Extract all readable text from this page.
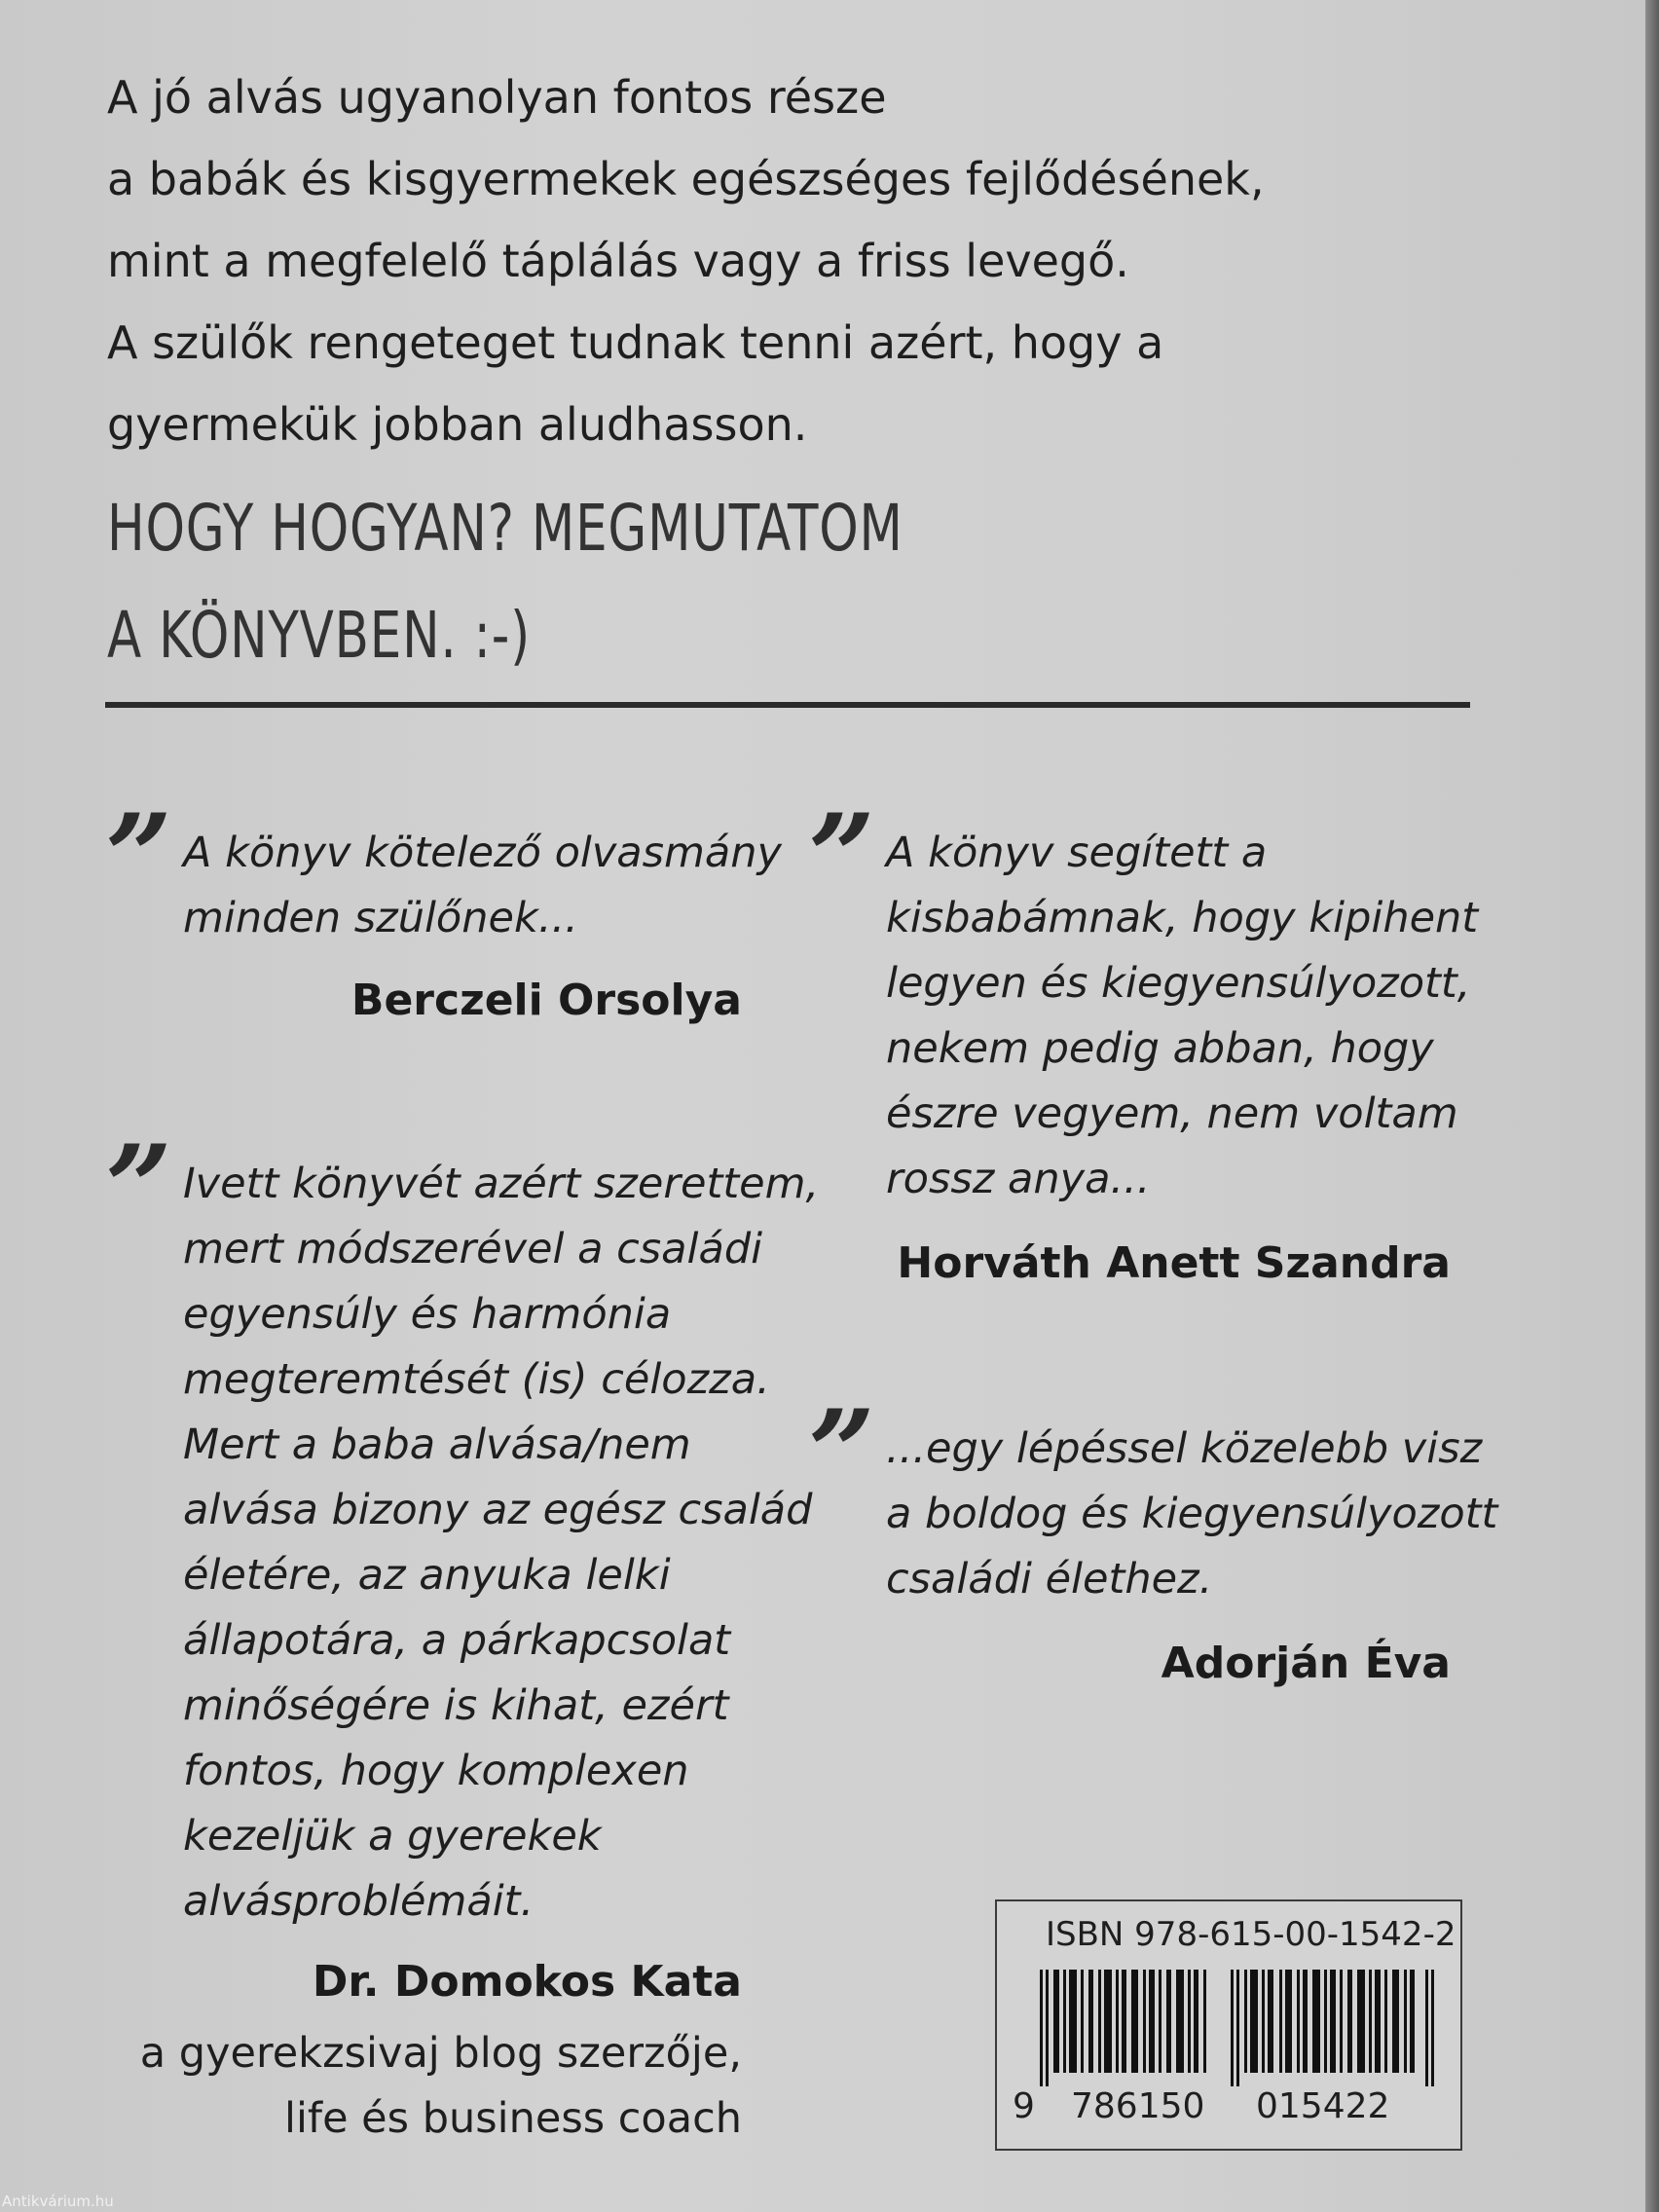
A jó alvás ugyanolyan fontos része

a babák és kisgyermekek egészséges fejlődésének,

mint a megfelelő táplálás vagy a friss levegő.

A szülők rengeteget tudnak tenni azért, hogy a

gyermekük jobban aludhasson.

HOGY HOGYAN? MEGMUTATOM
A KÖNYVBEN. :-)
” A könyv kötelező olvasmány
minden szülőnek...
Berczeli Orsolya
” Ivett könyvét azért szerettem,
mert módszerével a családi
egyensúly és harmónia
megteremtését (is) célozza.
Mert a baba alvása/nem
alvása bizony az egész család
életére, az anyuka lelki
állapotára, a párkapcsolat
minőségére is kihat, ezért
fontos, hogy komplexen
kezeljük a gyerekek
alvásproblémáit.
Dr. Domokos Kata
a gyerekzsivaj blog szerzője,
life és business coach
” A könyv segített a
kisbabámnak, hogy kipihent
legyen és kiegyensúlyozott,
nekem pedig abban, hogy
észre vegyem, nem voltam
rossz anya...
Horváth Anett Szandra
” ...egy lépéssel közelebb visz
a boldog és kiegyensúlyozott
családi élethez.
Adorján Éva
ISBN 978-615-00-1542-2
9 786150 015422
Antikvárium.hu
